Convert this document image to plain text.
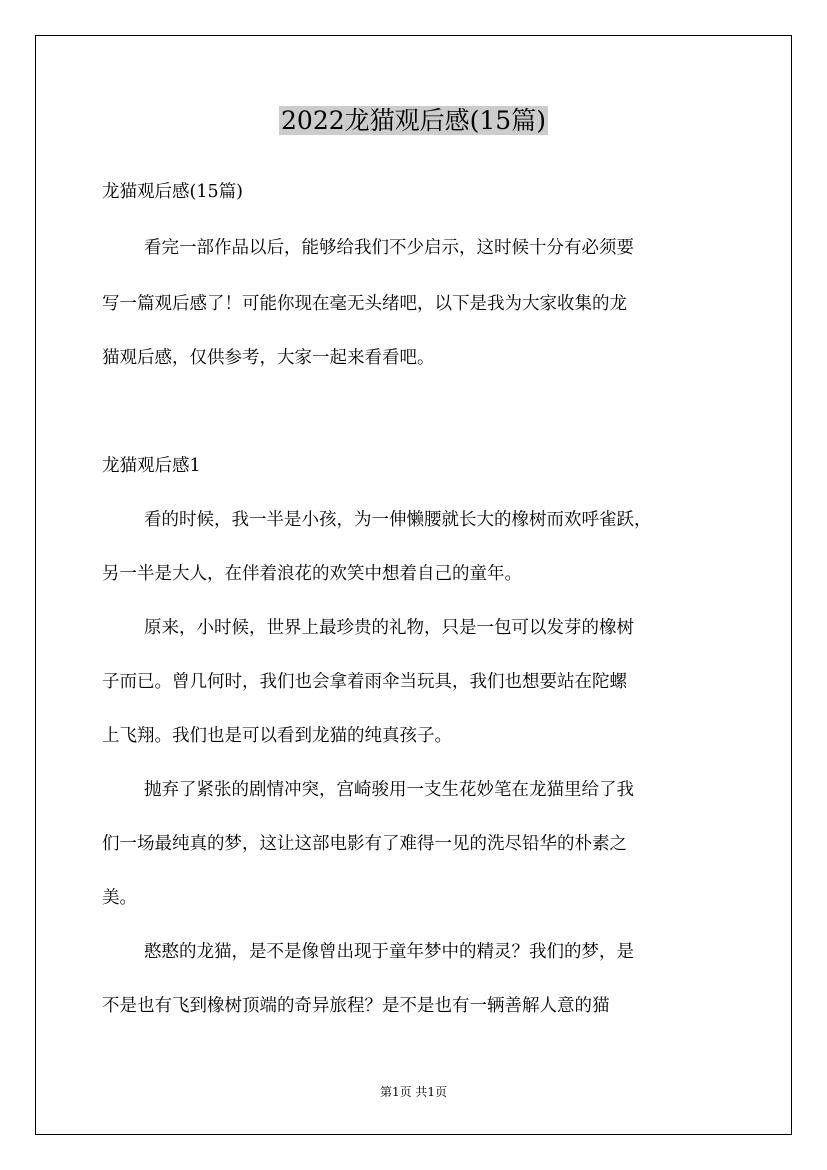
2022龙猫观后感(15篇)
龙猫观后感(15篇)
看完一部作品以后，能够给我们不少启示，这时候十分有必须要
写一篇观后感了！可能你现在毫无头绪吧，以下是我为大家收集的龙
猫观后感，仅供参考，大家一起来看看吧。
龙猫观后感1
看的时候，我一半是小孩，为一伸懒腰就长大的橡树而欢呼雀跃，
另一半是大人，在伴着浪花的欢笑中想着自己的童年。
原来，小时候，世界上最珍贵的礼物，只是一包可以发芽的橡树
子而已。曾几何时，我们也会拿着雨伞当玩具，我们也想要站在陀螺
上飞翔。我们也是可以看到龙猫的纯真孩子。
抛弃了紧张的剧情冲突，宫崎骏用一支生花妙笔在龙猫里给了我
们一场最纯真的梦，这让这部电影有了难得一见的洗尽铅华的朴素之
美。
憨憨的龙猫，是不是像曾出现于童年梦中的精灵？我们的梦，是
不是也有飞到橡树顶端的奇异旅程？是不是也有一辆善解人意的猫
第1页 共1页
